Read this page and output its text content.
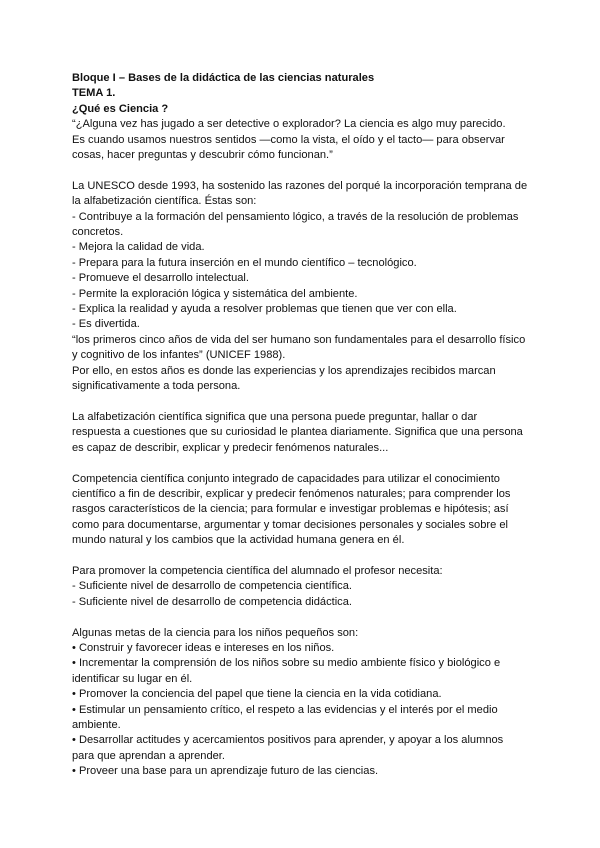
Bloque I – Bases de la didáctica de las ciencias naturales

TEMA 1.

¿Qué es Ciencia ?

“¿Alguna vez has jugado a ser detective o explorador? La ciencia es algo muy parecido.

Es cuando usamos nuestros sentidos —como la vista, el oído y el tacto— para observar

cosas, hacer preguntas y descubrir cómo funcionan.”

La UNESCO desde 1993, ha sostenido las razones del porqué la incorporación temprana de

la alfabetización científica. Éstas son:

- Contribuye a la formación del pensamiento lógico, a través de la resolución de problemas

concretos.

- Mejora la calidad de vida.

- Prepara para la futura inserción en el mundo científico – tecnológico.

- Promueve el desarrollo intelectual.

- Permite la exploración lógica y sistemática del ambiente.

- Explica la realidad y ayuda a resolver problemas que tienen que ver con ella.

- Es divertida.

“los primeros cinco años de vida del ser humano son fundamentales para el desarrollo físico

y cognitivo de los infantes” (UNICEF 1988).

Por ello, en estos años es donde las experiencias y los aprendizajes recibidos marcan

significativamente a toda persona.

La alfabetización científica significa que una persona puede preguntar, hallar o dar

respuesta a cuestiones que su curiosidad le plantea diariamente. Significa que una persona

es capaz de describir, explicar y predecir fenómenos naturales...

Competencia científica conjunto integrado de capacidades para utilizar el conocimiento

científico a fin de describir, explicar y predecir fenómenos naturales; para comprender los

rasgos característicos de la ciencia; para formular e investigar problemas e hipótesis; así

como para documentarse, argumentar y tomar decisiones personales y sociales sobre el

mundo natural y los cambios que la actividad humana genera en él.

Para promover la competencia científica del alumnado el profesor necesita:

- Suficiente nivel de desarrollo de competencia científica.

- Suficiente nivel de desarrollo de competencia didáctica.

Algunas metas de la ciencia para los niños pequeños son:

• Construir y favorecer ideas e intereses en los niños.

• Incrementar la comprensión de los niños sobre su medio ambiente físico y biológico e

identificar su lugar en él.

• Promover la conciencia del papel que tiene la ciencia en la vida cotidiana.

• Estimular un pensamiento crítico, el respeto a las evidencias y el interés por el medio

ambiente.

• Desarrollar actitudes y acercamientos positivos para aprender, y apoyar a los alumnos

para que aprendan a aprender.

• Proveer una base para un aprendizaje futuro de las ciencias.
